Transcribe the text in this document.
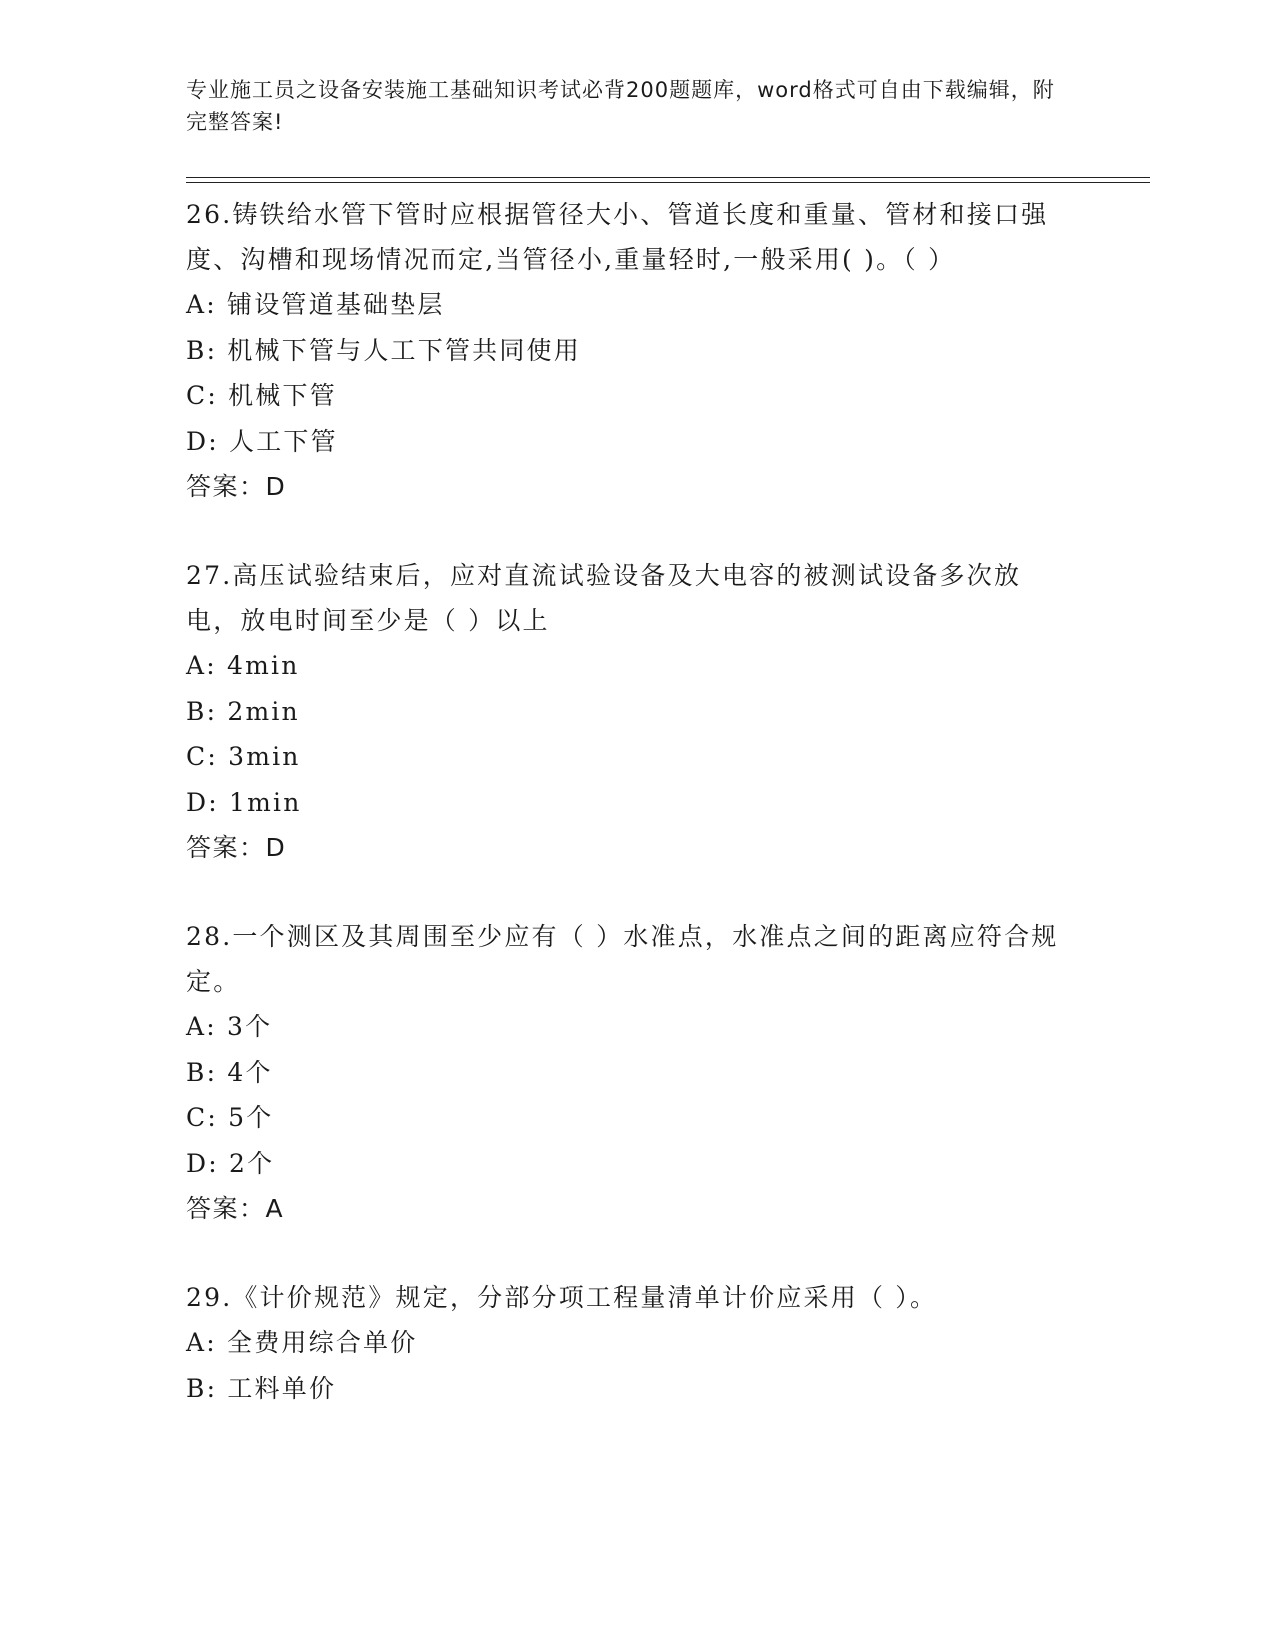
专业施工员之设备安装施工基础知识考试必背200题题库，word格式可自由下载编辑，附完整答案!
26.铸铁给水管下管时应根据管径大小、管道长度和重量、管材和接口强度、沟槽和现场情况而定,当管径小,重量轻时,一般采用( )。（ ）
A: 铺设管道基础垫层
B: 机械下管与人工下管共同使用
C: 机械下管
D: 人工下管
答案：D
27.高压试验结束后，应对直流试验设备及大电容的被测试设备多次放电，放电时间至少是（ ）以上
A: 4min
B: 2min
C: 3min
D: 1min
答案：D
28.一个测区及其周围至少应有（ ）水准点，水准点之间的距离应符合规定。
A: 3个
B: 4个
C: 5个
D: 2个
答案：A
29.《计价规范》规定，分部分项工程量清单计价应采用（ ）。
A: 全费用综合单价
B: 工料单价
